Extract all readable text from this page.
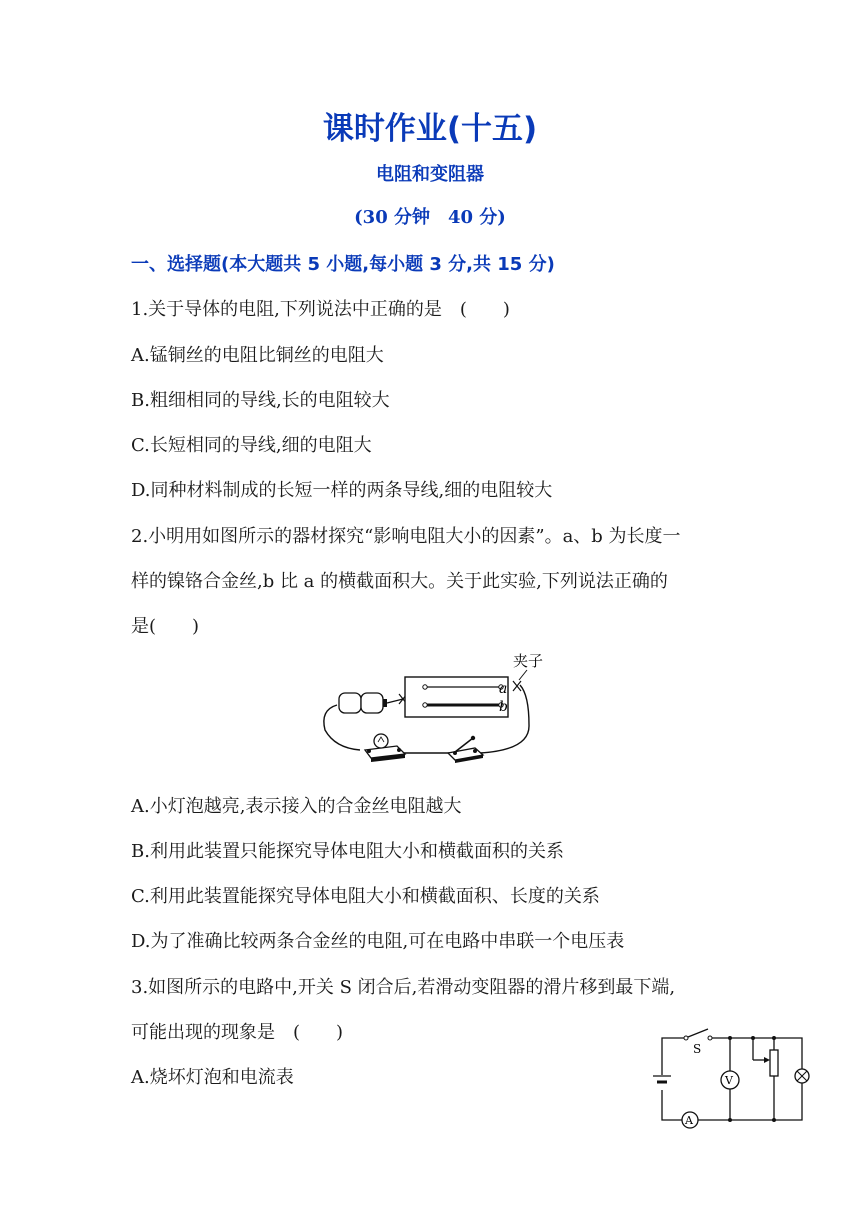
课时作业(十五)
电阻和变阻器
(30 分钟　40 分)
一、选择题(本大题共 5 小题,每小题 3 分,共 15 分)
1.关于导体的电阻,下列说法中正确的是　(　　)
A.锰铜丝的电阻比铜丝的电阻大
B.粗细相同的导线,长的电阻较大
C.长短相同的导线,细的电阻大
D.同种材料制成的长短一样的两条导线,细的电阻较大
2.小明用如图所示的器材探究“影响电阻大小的因素”。a、b 为长度一
样的镍铬合金丝,b 比 a 的横截面积大。关于此实验,下列说法正确的
是(　　)
a
b
夹子
A.小灯泡越亮,表示接入的合金丝电阻越大
B.利用此装置只能探究导体电阻大小和横截面积的关系
C.利用此装置能探究导体电阻大小和横截面积、长度的关系
D.为了准确比较两条合金丝的电阻,可在电路中串联一个电压表
3.如图所示的电路中,开关 S 闭合后,若滑动变阻器的滑片移到最下端,
可能出现的现象是　(　　)
A.烧坏灯泡和电流表
S
V
A
